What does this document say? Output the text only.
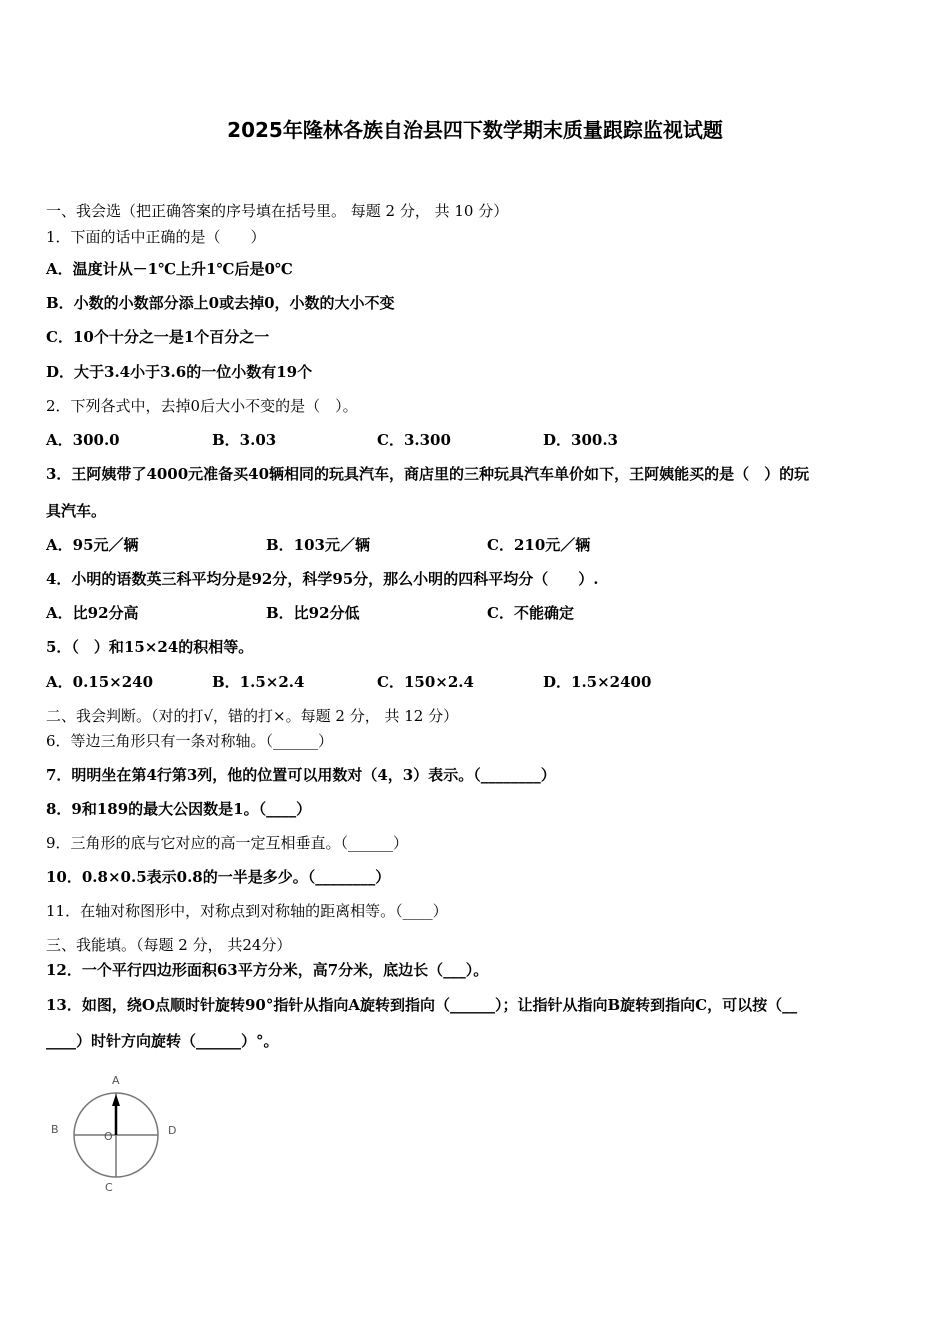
2025年隆林各族自治县四下数学期末质量跟踪监视试题
一、我会选（把正确答案的序号填在括号里。 每题 2 分， 共 10 分）
1．下面的话中正确的是（　　）
A．温度计从－1℃上升1℃后是0℃
B．小数的小数部分添上0或去掉0，小数的大小不变
C．10个十分之一是1个百分之一
D．大于3.4小于3.6的一位小数有19个
2．下列各式中，去掉0后大小不变的是（　）。
A．300.0	B．3.03	C．3.300	D．300.3
3．王阿姨带了4000元准备买40辆相同的玩具汽车，商店里的三种玩具汽车单价如下，王阿姨能买的是（　）的玩
具汽车。
A．95元／辆	B．103元／辆	C．210元／辆
4．小明的语数英三科平均分是92分，科学95分，那么小明的四科平均分（　　）.
A．比92分高	B．比92分低	C．不能确定
5．（　）和15×24的积相等。
A．0.15×240	B．1.5×2.4	C．150×2.4	D．1.5×2400
二、我会判断。（对的打√，错的打×。每题 2 分， 共 12 分）
6．等边三角形只有一条对称轴。（______）
7．明明坐在第4行第3列，他的位置可以用数对（4，3）表示。（________）
8．9和189的最大公因数是1。（____）
9．三角形的底与它对应的高一定互相垂直。（______）
10．0.8×0.5表示0.8的一半是多少。（________）
11．在轴对称图形中，对称点到对称轴的距离相等。（____）
三、我能填。（每题 2 分， 共24分）
12．一个平行四边形面积63平方分米，高7分米，底边长（___）。
13．如图，绕O点顺时针旋转90°指针从指向A旋转到指向（______）；让指针从指向B旋转到指向C，可以按（__
____）时针方向旋转（______）°。
A
B	D
C
O
